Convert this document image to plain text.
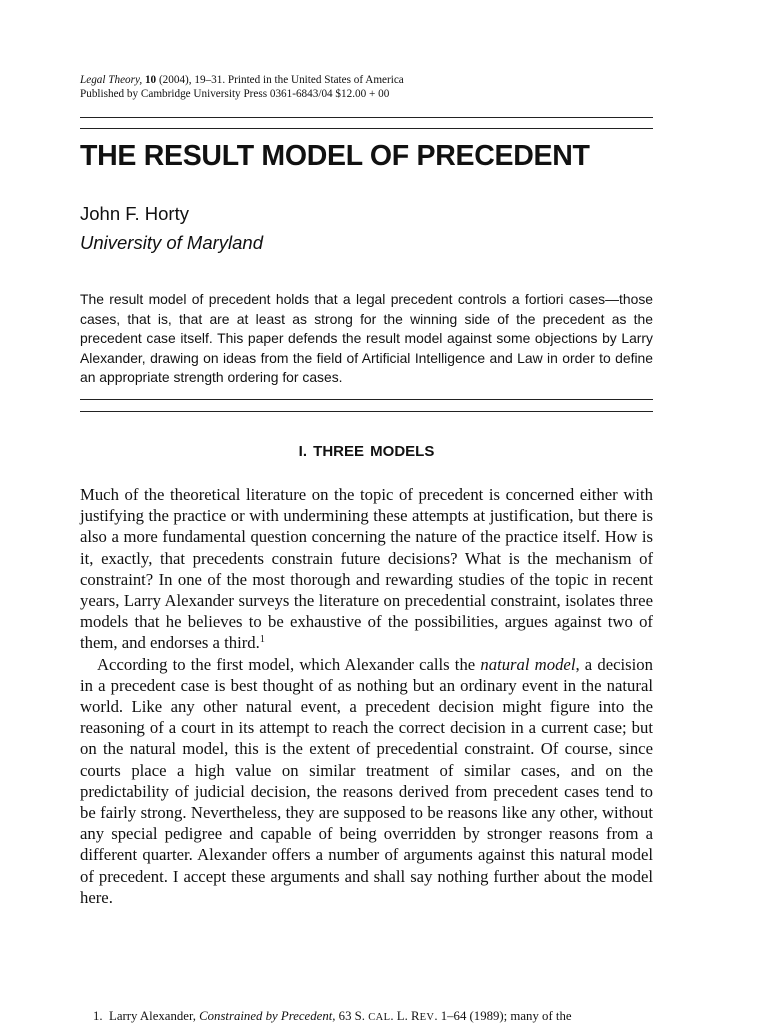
Legal Theory, 10 (2004), 19–31. Printed in the United States of America
Published by Cambridge University Press 0361-6843/04 $12.00 + 00
THE RESULT MODEL OF PRECEDENT
John F. Horty
University of Maryland

The result model of precedent holds that a legal precedent controls a fortiori cases—those cases, that is, that are at least as strong for the winning side of the precedent as the precedent case itself. This paper defends the result model against some objections by Larry Alexander, drawing on ideas from the field of Artificial Intelligence and Law in order to define an appropriate strength ordering for cases.

I. THREE MODELS

Much of the theoretical literature on the topic of precedent is concerned either with justifying the practice or with undermining these attempts at justification, but there is also a more fundamental question concerning the nature of the practice itself. How is it, exactly, that precedents constrain future decisions? What is the mechanism of constraint? In one of the most thorough and rewarding studies of the topic in recent years, Larry Alexander surveys the literature on precedential constraint, isolates three models that he believes to be exhaustive of the possibilities, argues against two of them, and endorses a third.$^1$

According to the first model, which Alexander calls the natural model, a decision in a precedent case is best thought of as nothing but an ordinary event in the natural world. Like any other natural event, a precedent decision might figure into the reasoning of a court in its attempt to reach the correct decision in a current case; but on the natural model, this is the extent of precedential constraint. Of course, since courts place a high value on similar treatment of similar cases, and on the predictability of judicial decision, the reasons derived from precedent cases tend to be fairly strong. Nevertheless, they are supposed to be reasons like any other, without any special pedigree and capable of being overridden by stronger reasons from a different quarter. Alexander offers a number of arguments against this natural model of precedent. I accept these arguments and shall say nothing further about the model here.

1. Larry Alexander, Constrained by Precedent, 63 S. CAL. L. REV. 1–64 (1989); many of the
